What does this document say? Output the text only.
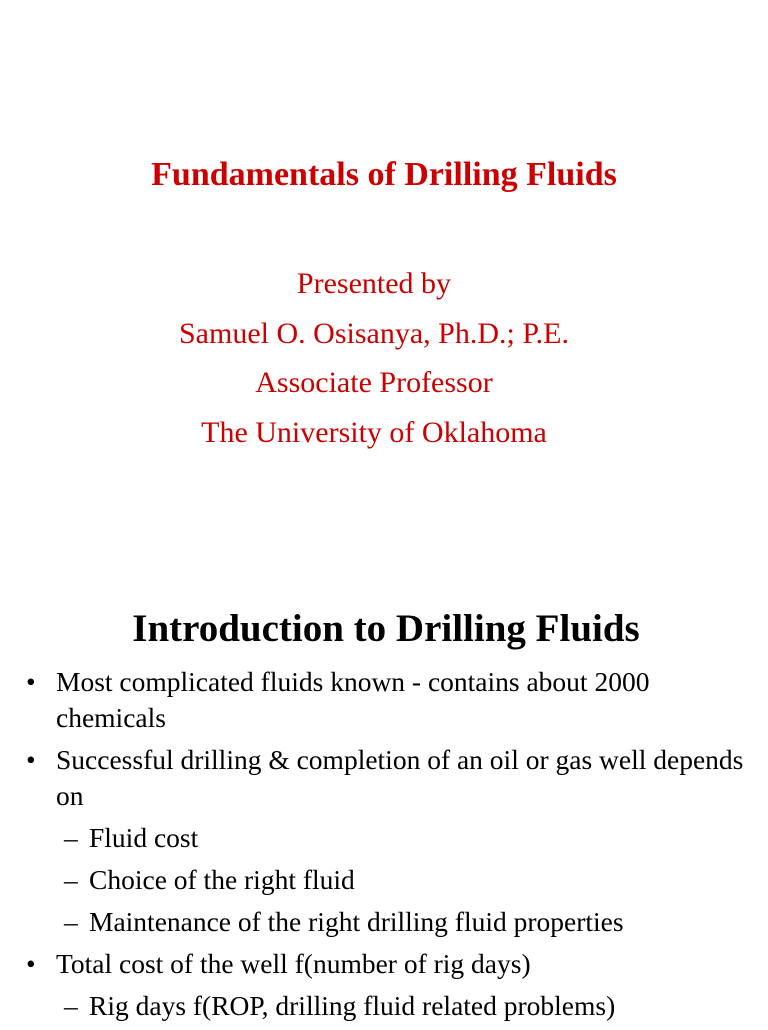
Fundamentals of Drilling Fluids
Presented by
Samuel O. Osisanya, Ph.D.; P.E.
Associate Professor
The University of Oklahoma
Introduction to Drilling Fluids
• Most complicated fluids known - contains about 2000 chemicals
• Successful drilling & completion of an oil or gas well depends on
– Fluid cost
– Choice of the right fluid
– Maintenance of the right drilling fluid properties
• Total cost of the well f(number of rig days)
– Rig days f(ROP, drilling fluid related problems)
